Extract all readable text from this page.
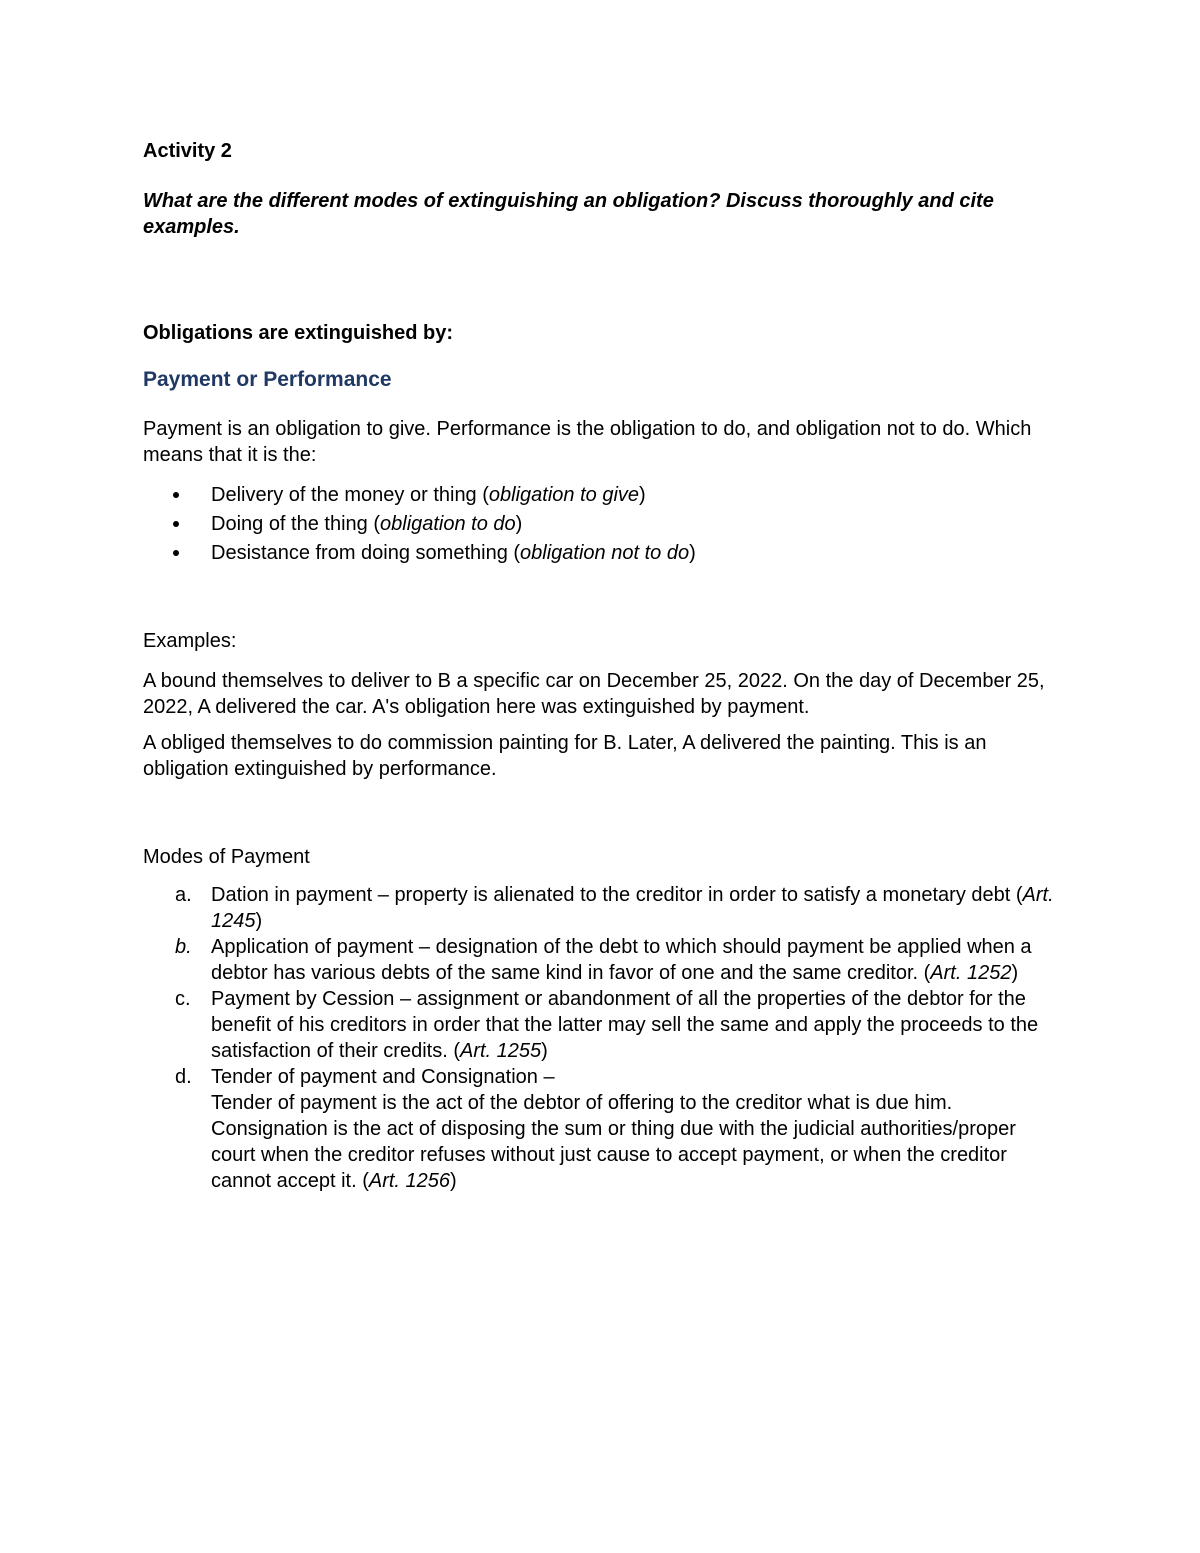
Activity 2

What are the different modes of extinguishing an obligation? Discuss thoroughly and cite examples.

Obligations are extinguished by:

Payment or Performance

Payment is an obligation to give. Performance is the obligation to do, and obligation not to do. Which means that it is the:

Delivery of the money or thing (obligation to give)
Doing of the thing (obligation to do)
Desistance from doing something (obligation not to do)

Examples:

A bound themselves to deliver to B a specific car on December 25, 2022. On the day of December 25, 2022, A delivered the car. A's obligation here was extinguished by payment.

A obliged themselves to do commission painting for B. Later, A delivered the painting. This is an obligation extinguished by performance.

Modes of Payment

a. Dation in payment – property is alienated to the creditor in order to satisfy a monetary debt (Art. 1245)
b. Application of payment – designation of the debt to which should payment be applied when a debtor has various debts of the same kind in favor of one and the same creditor. (Art. 1252)
c. Payment by Cession – assignment or abandonment of all the properties of the debtor for the benefit of his creditors in order that the latter may sell the same and apply the proceeds to the satisfaction of their credits. (Art. 1255)
d. Tender of payment and Consignation –
Tender of payment is the act of the debtor of offering to the creditor what is due him. Consignation is the act of disposing the sum or thing due with the judicial authorities/proper court when the creditor refuses without just cause to accept payment, or when the creditor cannot accept it. (Art. 1256)
